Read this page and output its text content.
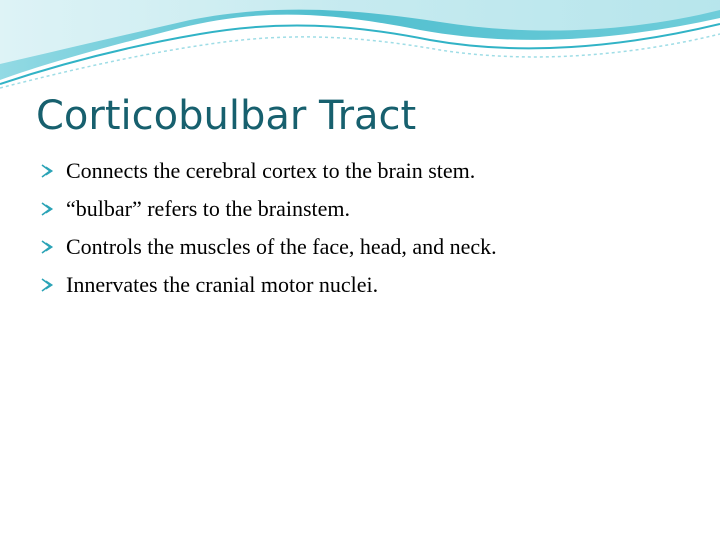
Corticobulbar Tract
Connects the cerebral cortex to the brain stem.
“bulbar” refers to the brainstem.
Controls the muscles of the face, head, and neck.
Innervates the cranial motor nuclei.
